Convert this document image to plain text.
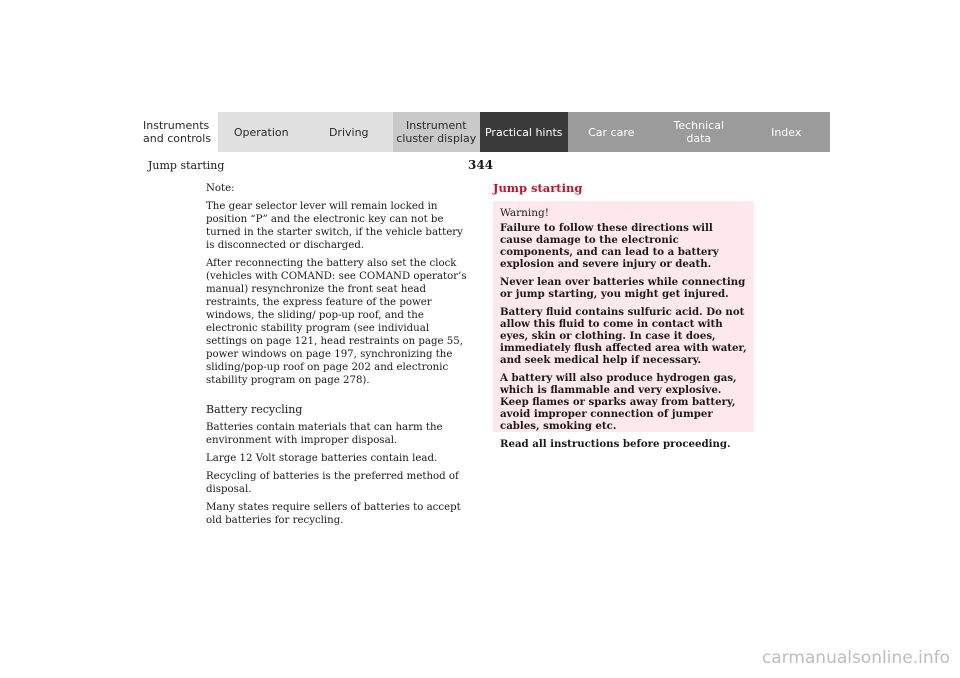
Instruments
and controls	Operation	Driving	Instrument
cluster display Practical hints	Car care	Technical
data	Index
344
Jump starting

Note:

The gear selector lever will remain locked in position “P” and the electronic key can not be turned in the starter switch, if the vehicle battery is disconnected or discharged.

After reconnecting the battery also set the clock (vehicles with COMAND: see COMAND operator’s manual) resynchronize the front seat head restraints, the express feature of the power windows, the sliding/ pop-up roof, and the electronic stability program (see individual settings on page 121, head restraints on page 55, power windows on page 197, synchronizing the sliding/pop-up roof on page 202 and electronic stability program on page 278).

Battery recycling

Batteries contain materials that can harm the environment with improper disposal.

Large 12 Volt storage batteries contain lead.

Recycling of batteries is the preferred method of disposal.

Many states require sellers of batteries to accept old batteries for recycling.

Jump starting

Warning!

Failure to follow these directions will cause damage to the electronic components, and can lead to a battery explosion and severe injury or death.

Never lean over batteries while connecting or jump starting, you might get injured.

Battery fluid contains sulfuric acid. Do not allow this fluid to come in contact with eyes, skin or clothing. In case it does, immediately flush affected area with water, and seek medical help if necessary.

A battery will also produce hydrogen gas, which is flammable and very explosive. Keep flames or sparks away from battery, avoid improper connection of jumper cables, smoking etc.

Read all instructions before proceeding.

carmanualsonline.info
